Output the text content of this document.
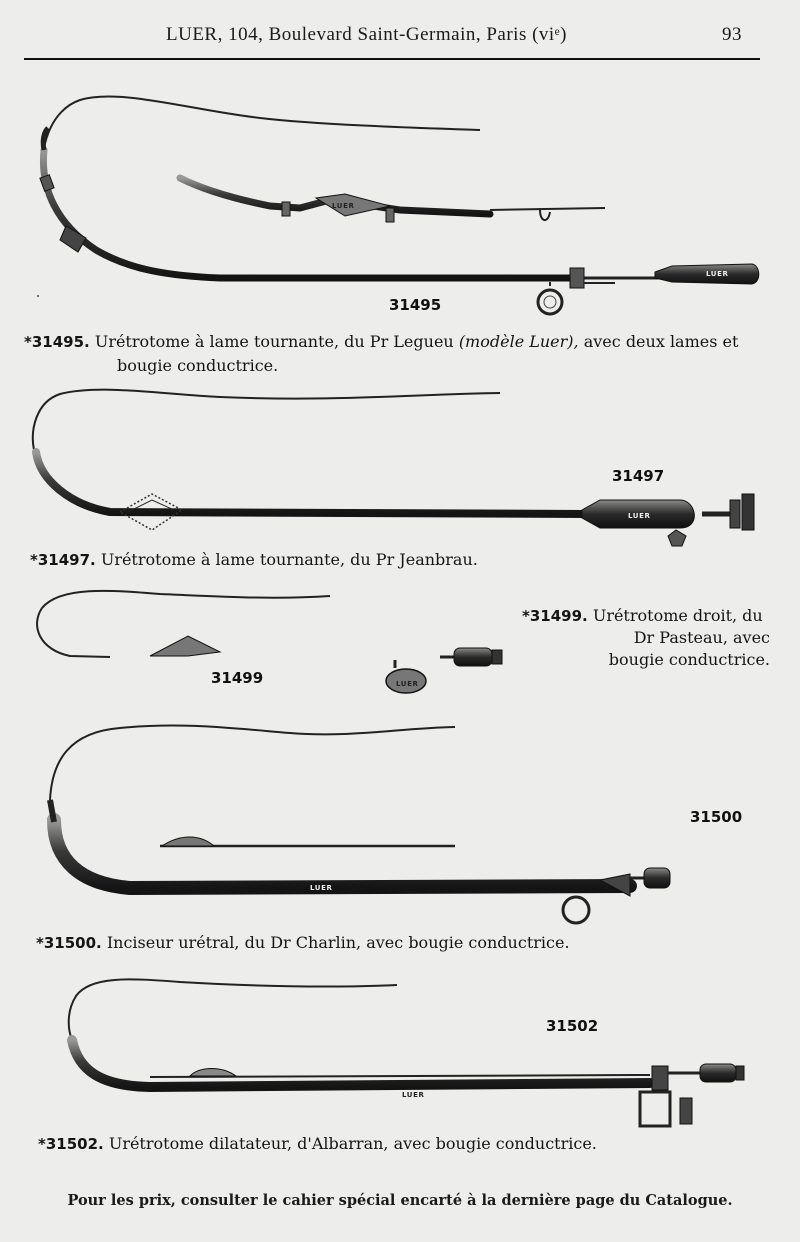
LUER, 104, Boulevard Saint-Germain, Paris (viᵉ)	93
LUER
LUER
LUER
LUER
LUER
LUER
31495
31497
31499
31500
31502
*31495. Urétrotome à lame tournante, du Pr Legueu (modèle Luer), avec deux lames et
bougie conductrice.
*31497. Urétrotome à lame tournante, du Pr Jeanbrau.
*31499. Urétrotome droit, du
Dr Pasteau, avec
bougie conductrice.
*31500. Inciseur urétral, du Dr Charlin, avec bougie conductrice.
*31502. Urétrotome dilatateur, d'Albarran, avec bougie conductrice.
Pour les prix, consulter le cahier spécial encarté à la dernière page du Catalogue.
